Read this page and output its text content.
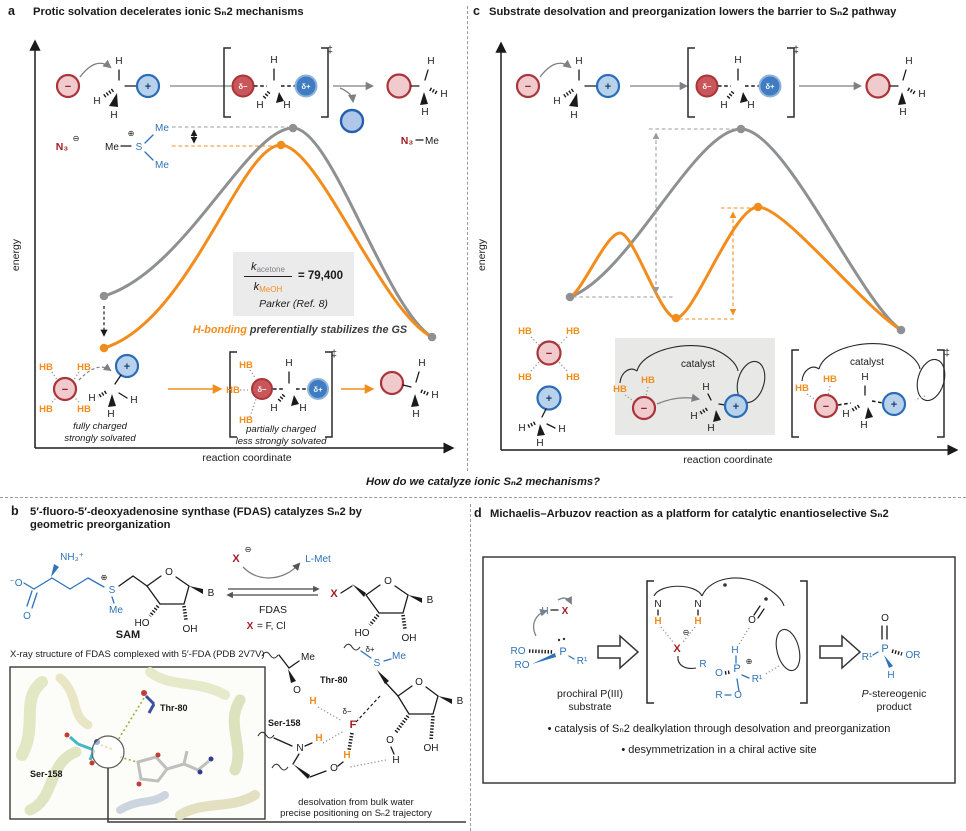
−
H
H
H
+
‡
δ−
H
H H
δ+
H
H
H
N₃
⊖
Me S
⊕ Me
Me
N₃ Me
energy
reaction coordinate
HB	HB
HB	HB
−
+
H	H
H
‡
HB
HB
HB
δ−
H
H H
δ+
H
H
H
fully charged
strongly solvated
partially charged
less strongly solvated
−
H
H
H
+
‡
δ−
H
H H
δ+
H
H
H
energy
reaction coordinate
HB	HB
HB	HB
−
+
H	H
H
catalyst
HB
HB
−
H
H
H
+
‡
catalyst
HB
HB
−
H
H
H
+
⁻O
O
NH₃⁺
S
⊕
Me
O
B
HO
OH
SAM
X
⊖
L-Met
FDAS
X = F, Cl
X
O
B
HO	OH
X-ray structure of FDAS complexed with 5′-FDA (PDB 2V7V)
Thr-80
Ser-158
Me
O
H
Thr-80
δ−
F
Ser-158
N
H
O
H
δ+
S
Me
O
B
O
H
OH
desolvation from bulk water
precise positioning on Sₙ2 trajectory
H X
P
RO
RO	R¹
prochiral P(III)
substrate
N
H
N
H
⊖
X
R
O P
⊕
H
O
R¹
R O
O
P
R¹	OR
H
P-stereogenic
product
a Protic solvation decelerates ionic Sₙ2 mechanisms	c Substrate desolvation and preorganization lowers the barrier to Sₙ2 pathway
b 5′-fluoro-5′-deoxyadenosine synthase (FDAS) catalyzes Sₙ2 by
geometric preorganization
d Michaelis–Arbuzov reaction as a platform for catalytic enantioselective Sₙ2
$\frac{\text{kacetone}}{\text{kMeOH}} = 79,400$
Parker (Ref. 8)
H-bonding preferentially stabilizes the GS
How do we catalyze ionic Sₙ2 mechanisms?
• catalysis of Sₙ2 dealkylation through desolvation and preorganization
• desymmetrization in a chiral active site
